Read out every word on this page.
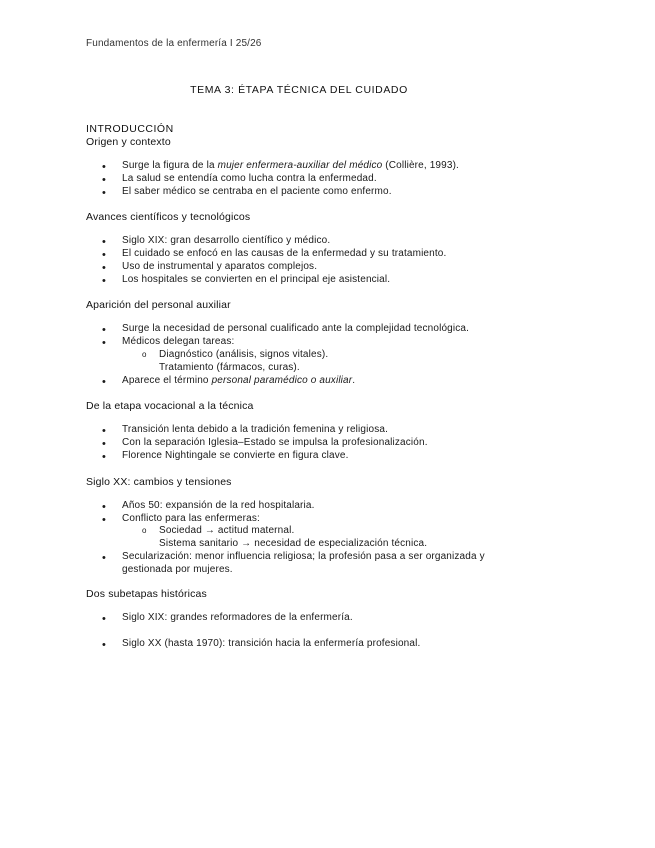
Fundamentos de la enfermería I 25/26
TEMA 3: ÉTAPA TÉCNICA DEL CUIDADO
INTRODUCCIÓN
Origen y contexto
•	Surge la figura de la mujer enfermera-auxiliar del médico (Collière, 1993).
•	La salud se entendía como lucha contra la enfermedad.
•	El saber médico se centraba en el paciente como enfermo.
Avances científicos y tecnológicos
•	Siglo XIX: gran desarrollo científico y médico.
•	El cuidado se enfocó en las causas de la enfermedad y su tratamiento.
•	Uso de instrumental y aparatos complejos.
•	Los hospitales se convierten en el principal eje asistencial.
Aparición del personal auxiliar
•	Surge la necesidad de personal cualificado ante la complejidad tecnológica.
•	Médicos delegan tareas:
o Diagnóstico (análisis, signos vitales).
Tratamiento (fármacos, curas).
•	Aparece el término personal paramédico o auxiliar.
De la etapa vocacional a la técnica
•	Transición lenta debido a la tradición femenina y religiosa.
•	Con la separación Iglesia–Estado se impulsa la profesionalización.
•	Florence Nightingale se convierte en figura clave.
Siglo XX: cambios y tensiones
•	Años 50: expansión de la red hospitalaria.
•	Conflicto para las enfermeras:
o Sociedad → actitud maternal.
Sistema sanitario → necesidad de especialización técnica.
•	Secularización: menor influencia religiosa; la profesión pasa a ser organizada y
gestionada por mujeres.
Dos subetapas históricas
•	Siglo XIX: grandes reformadores de la enfermería.
•	Siglo XX (hasta 1970): transición hacia la enfermería profesional.
